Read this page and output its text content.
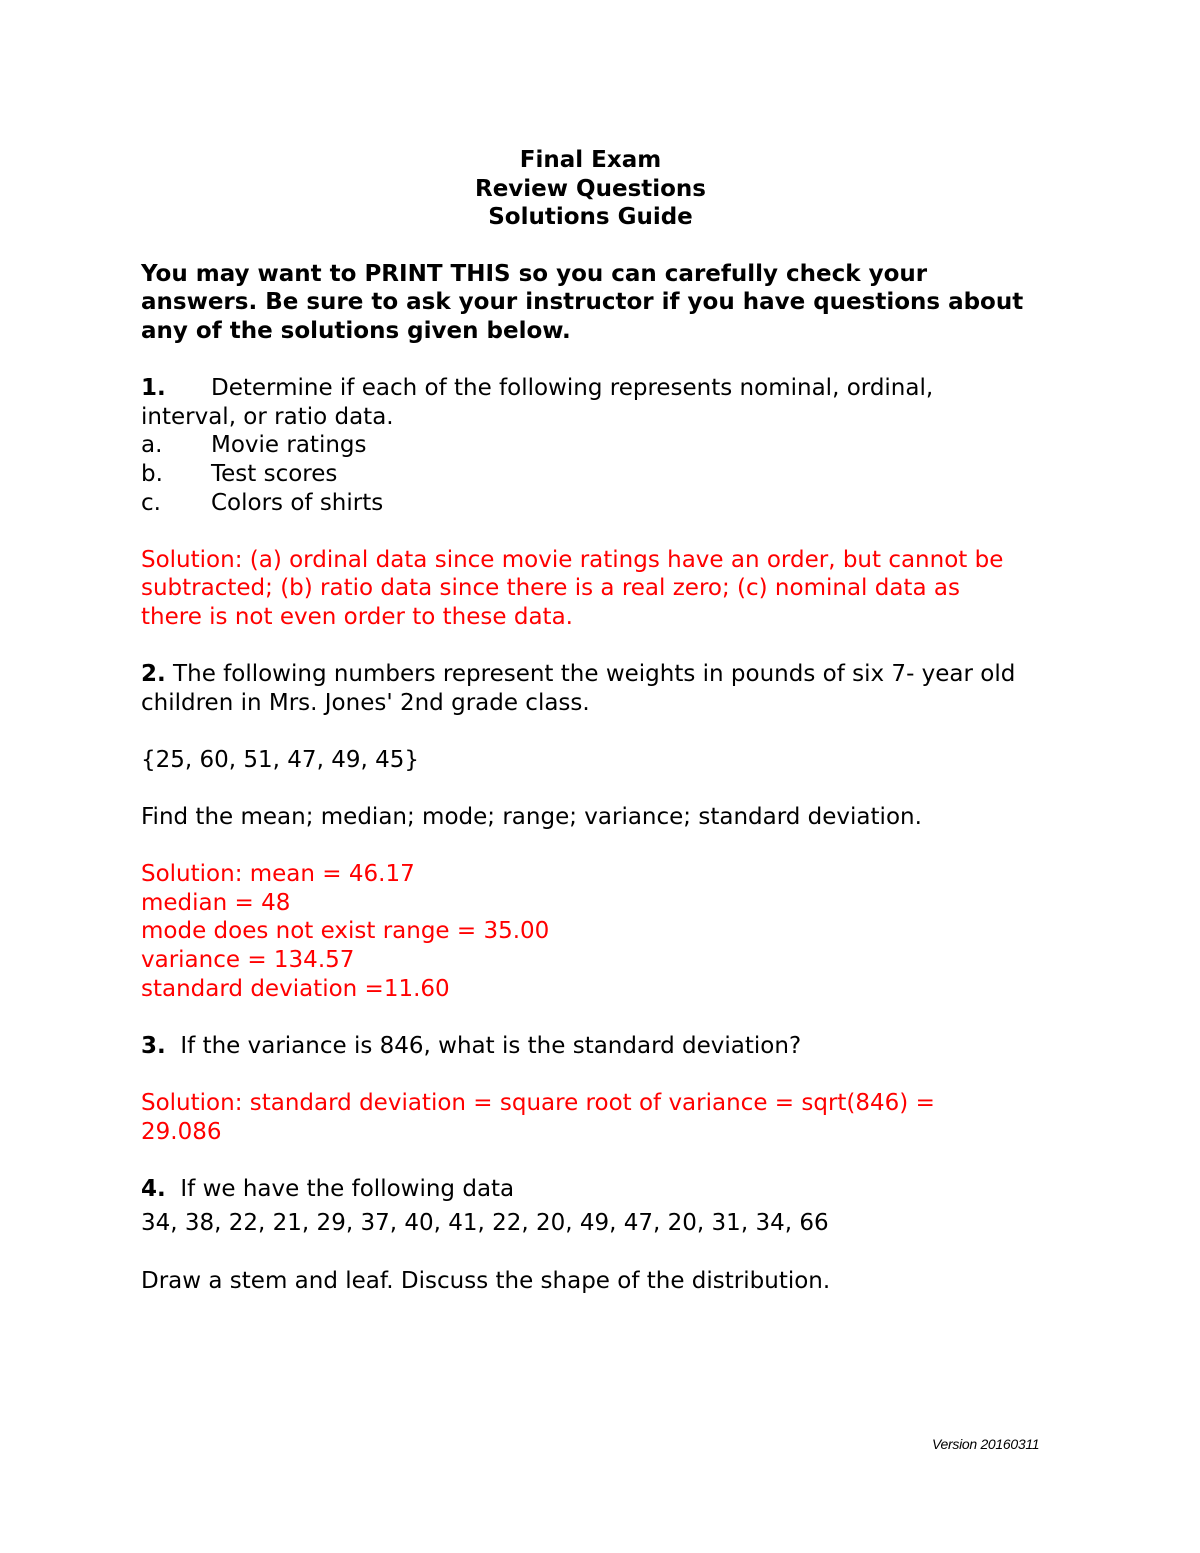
Final Exam
Review Questions
Solutions Guide
You may want to PRINT THIS so you can carefully check your
answers. Be sure to ask your instructor if you have questions about
any of the solutions given below.
1. Determine if each of the following represents nominal, ordinal,
interval, or ratio data.
a. Movie ratings
b. Test scores
c. Colors of shirts
Solution: (a) ordinal data since movie ratings have an order, but cannot be
subtracted; (b) ratio data since there is a real zero; (c) nominal data as
there is not even order to these data.
2. The following numbers represent the weights in pounds of six 7- year old
children in Mrs. Jones' 2nd grade class.
{25, 60, 51, 47, 49, 45}
Find the mean; median; mode; range; variance; standard deviation.
Solution: mean = 46.17
median = 48
mode does not exist range = 35.00
variance = 134.57
standard deviation =11.60
3.  If the variance is 846, what is the standard deviation?
Solution: standard deviation = square root of variance = sqrt(846) =
29.086
4.  If we have the following data
34, 38, 22, 21, 29, 37, 40, 41, 22, 20, 49, 47, 20, 31, 34, 66
Draw a stem and leaf. Discuss the shape of the distribution.
Version 20160311
